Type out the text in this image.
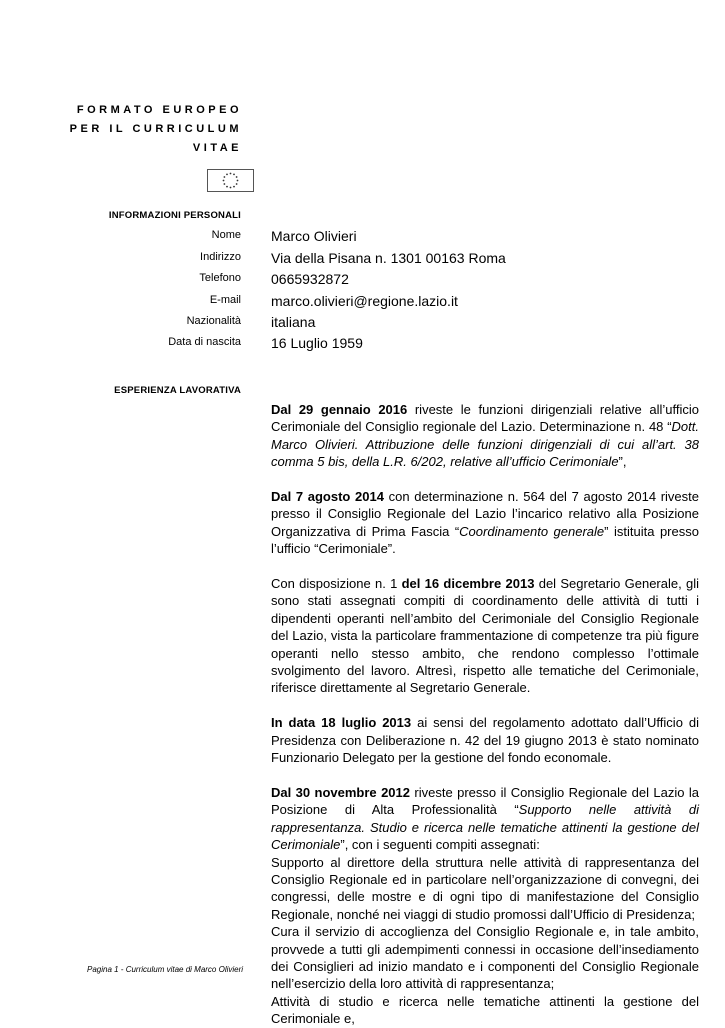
FORMATO EUROPEO
PER IL CURRICULUM
VITAE
INFORMAZIONI PERSONALI
Nome Marco Olivieri
Indirizzo Via della Pisana n. 1301 00163 Roma
Telefono 0665932872
E-mail marco.olivieri@regione.lazio.it
Nazionalità italiana
Data di nascita 16 Luglio 1959
ESPERIENZA LAVORATIVA

Dal 29 gennaio 2016 riveste le funzioni dirigenziali relative all’ufficio Cerimoniale del Consiglio regionale del Lazio. Determinazione n. 48 “Dott. Marco Olivieri. Attribuzione delle funzioni dirigenziali di cui all’art. 38 comma 5 bis, della L.R. 6/202, relative all’ufficio Cerimoniale”,

Dal 7 agosto 2014 con determinazione n. 564 del 7 agosto 2014 riveste presso il Consiglio Regionale del Lazio l’incarico relativo alla Posizione Organizzativa di Prima Fascia “Coordinamento generale” istituita presso l’ufficio “Cerimoniale”.

Con disposizione n. 1 del 16 dicembre 2013 del Segretario Generale, gli sono stati assegnati compiti di coordinamento delle attività di tutti i dipendenti operanti nell’ambito del Cerimoniale del Consiglio Regionale del Lazio, vista la particolare frammentazione di competenze tra più figure operanti nello stesso ambito, che rendono complesso l’ottimale svolgimento del lavoro. Altresì, rispetto alle tematiche del Cerimoniale, riferisce direttamente al Segretario Generale.

In data 18 luglio 2013 ai sensi del regolamento adottato dall’Ufficio di Presidenza con Deliberazione n. 42 del 19 giugno 2013 è stato nominato Funzionario Delegato per la gestione del fondo economale.

Dal 30 novembre 2012 riveste presso il Consiglio Regionale del Lazio la Posizione di Alta Professionalità “Supporto nelle attività di rappresentanza. Studio e ricerca nelle tematiche attinenti la gestione del Cerimoniale”, con i seguenti compiti assegnati:
Supporto al direttore della struttura nelle attività di rappresentanza del Consiglio Regionale ed in particolare nell’organizzazione di convegni, dei congressi, delle mostre e di ogni tipo di manifestazione del Consiglio Regionale, nonché nei viaggi di studio promossi dall’Ufficio di Presidenza;
Cura il servizio di accoglienza del Consiglio Regionale e, in tale ambito, provvede a tutti gli adempimenti connessi in occasione dell’insediamento dei Consiglieri ad inizio mandato e i componenti del Consiglio Regionale nell’esercizio della loro attività di rappresentanza;
Attività di studio e ricerca nelle tematiche attinenti la gestione del Cerimoniale e,

Pagina 1 - Curriculum vitae di Marco Olivieri
